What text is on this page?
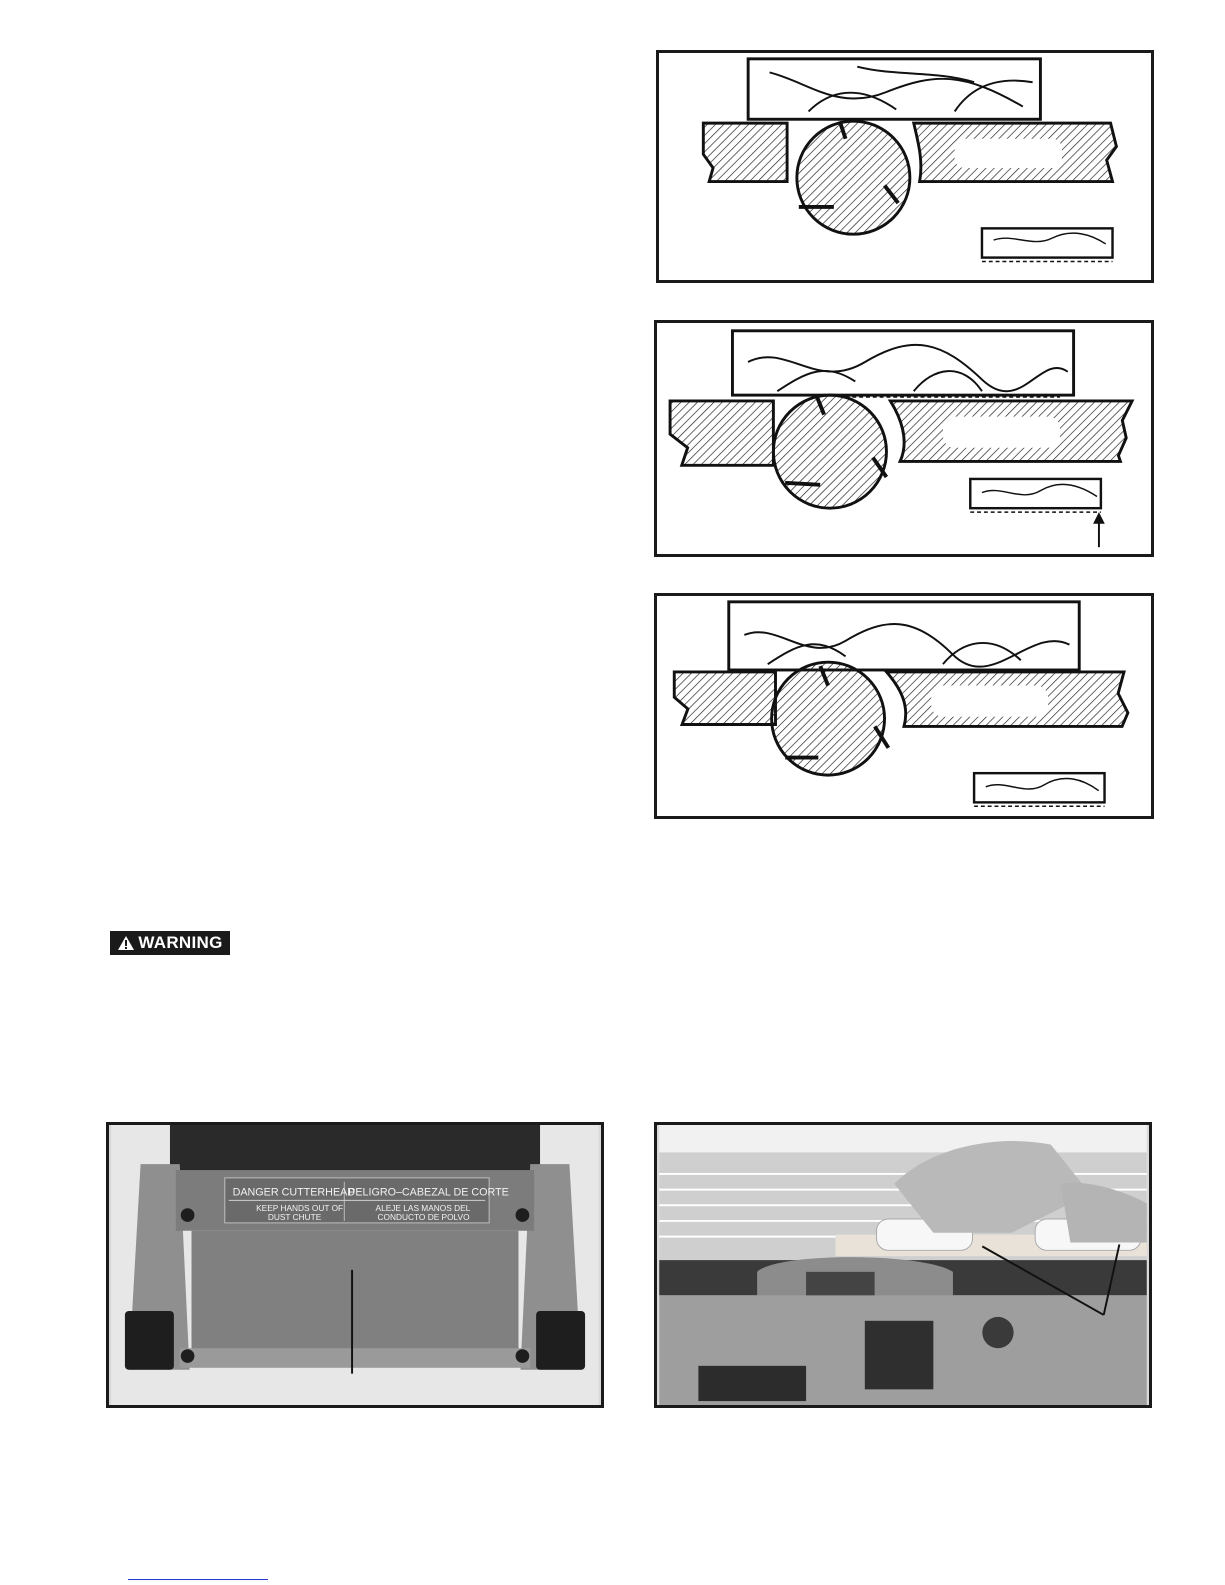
WARNING
DANGER CUTTERHEAD
PELIGRO–CABEZAL DE CORTE
KEEP HANDS OUT OF
DUST CHUTE
ALEJE LAS MANOS DEL
CONDUCTO DE POLVO
